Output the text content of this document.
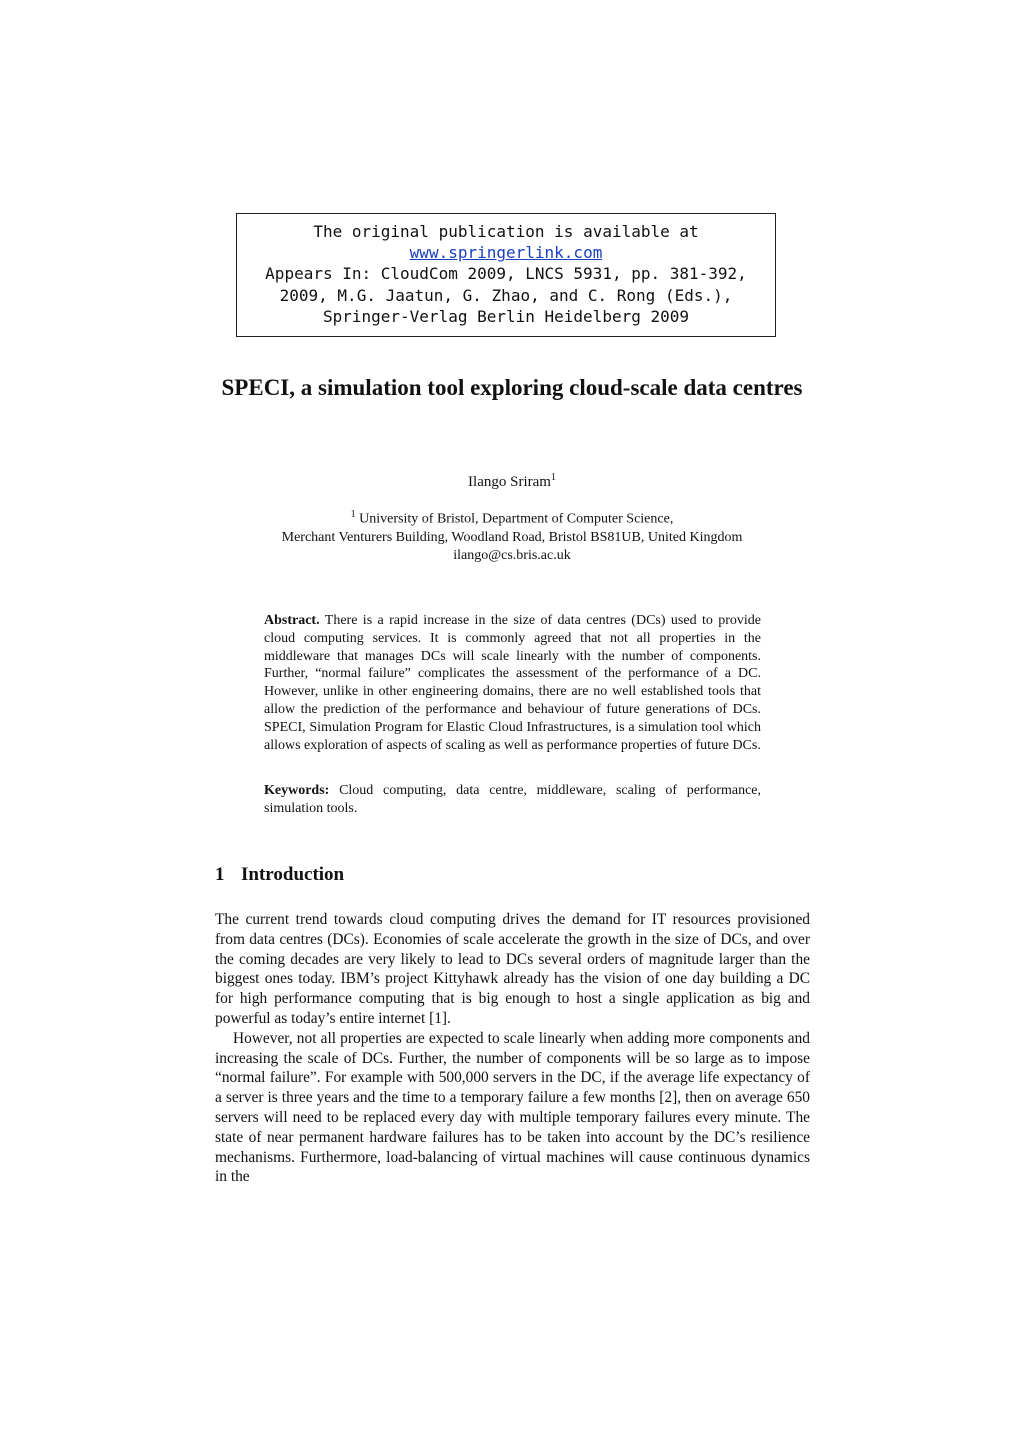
The original publication is available at
www.springerlink.com
Appears In: CloudCom 2009, LNCS 5931, pp. 381-392,
2009, M.G. Jaatun, G. Zhao, and C. Rong (Eds.),
Springer-Verlag Berlin Heidelberg 2009
SPECI, a simulation tool exploring cloud-scale data centres
Ilango Sriram$^1$
$^1$ University of Bristol, Department of Computer Science,
Merchant Venturers Building, Woodland Road, Bristol BS81UB, United Kingdom
ilango@cs.bris.ac.uk
Abstract. There is a rapid increase in the size of data centres (DCs) used to provide cloud computing services. It is commonly agreed that not all properties in the middleware that manages DCs will scale linearly with the number of components. Further, “normal failure” complicates the assessment of the performance of a DC. However, unlike in other engineering domains, there are no well established tools that allow the prediction of the performance and behaviour of future generations of DCs. SPECI, Simulation Program for Elastic Cloud Infrastructures, is a simulation tool which allows exploration of aspects of scaling as well as performance properties of future DCs.
Keywords: Cloud computing, data centre, middleware, scaling of performance, simulation tools.
1 Introduction

The current trend towards cloud computing drives the demand for IT resources provisioned from data centres (DCs). Economies of scale accelerate the growth in the size of DCs, and over the coming decades are very likely to lead to DCs several orders of magnitude larger than the biggest ones today. IBM’s project Kittyhawk already has the vision of one day building a DC for high performance computing that is big enough to host a single application as big and powerful as today’s entire internet [1].

However, not all properties are expected to scale linearly when adding more components and increasing the scale of DCs. Further, the number of components will be so large as to impose “normal failure”. For example with 500,000 servers in the DC, if the average life expectancy of a server is three years and the time to a temporary failure a few months [2], then on average 650 servers will need to be replaced every day with multiple temporary failures every minute. The state of near permanent hardware failures has to be taken into account by the DC’s resilience mechanisms. Furthermore, load-balancing of virtual machines will cause continuous dynamics in the
